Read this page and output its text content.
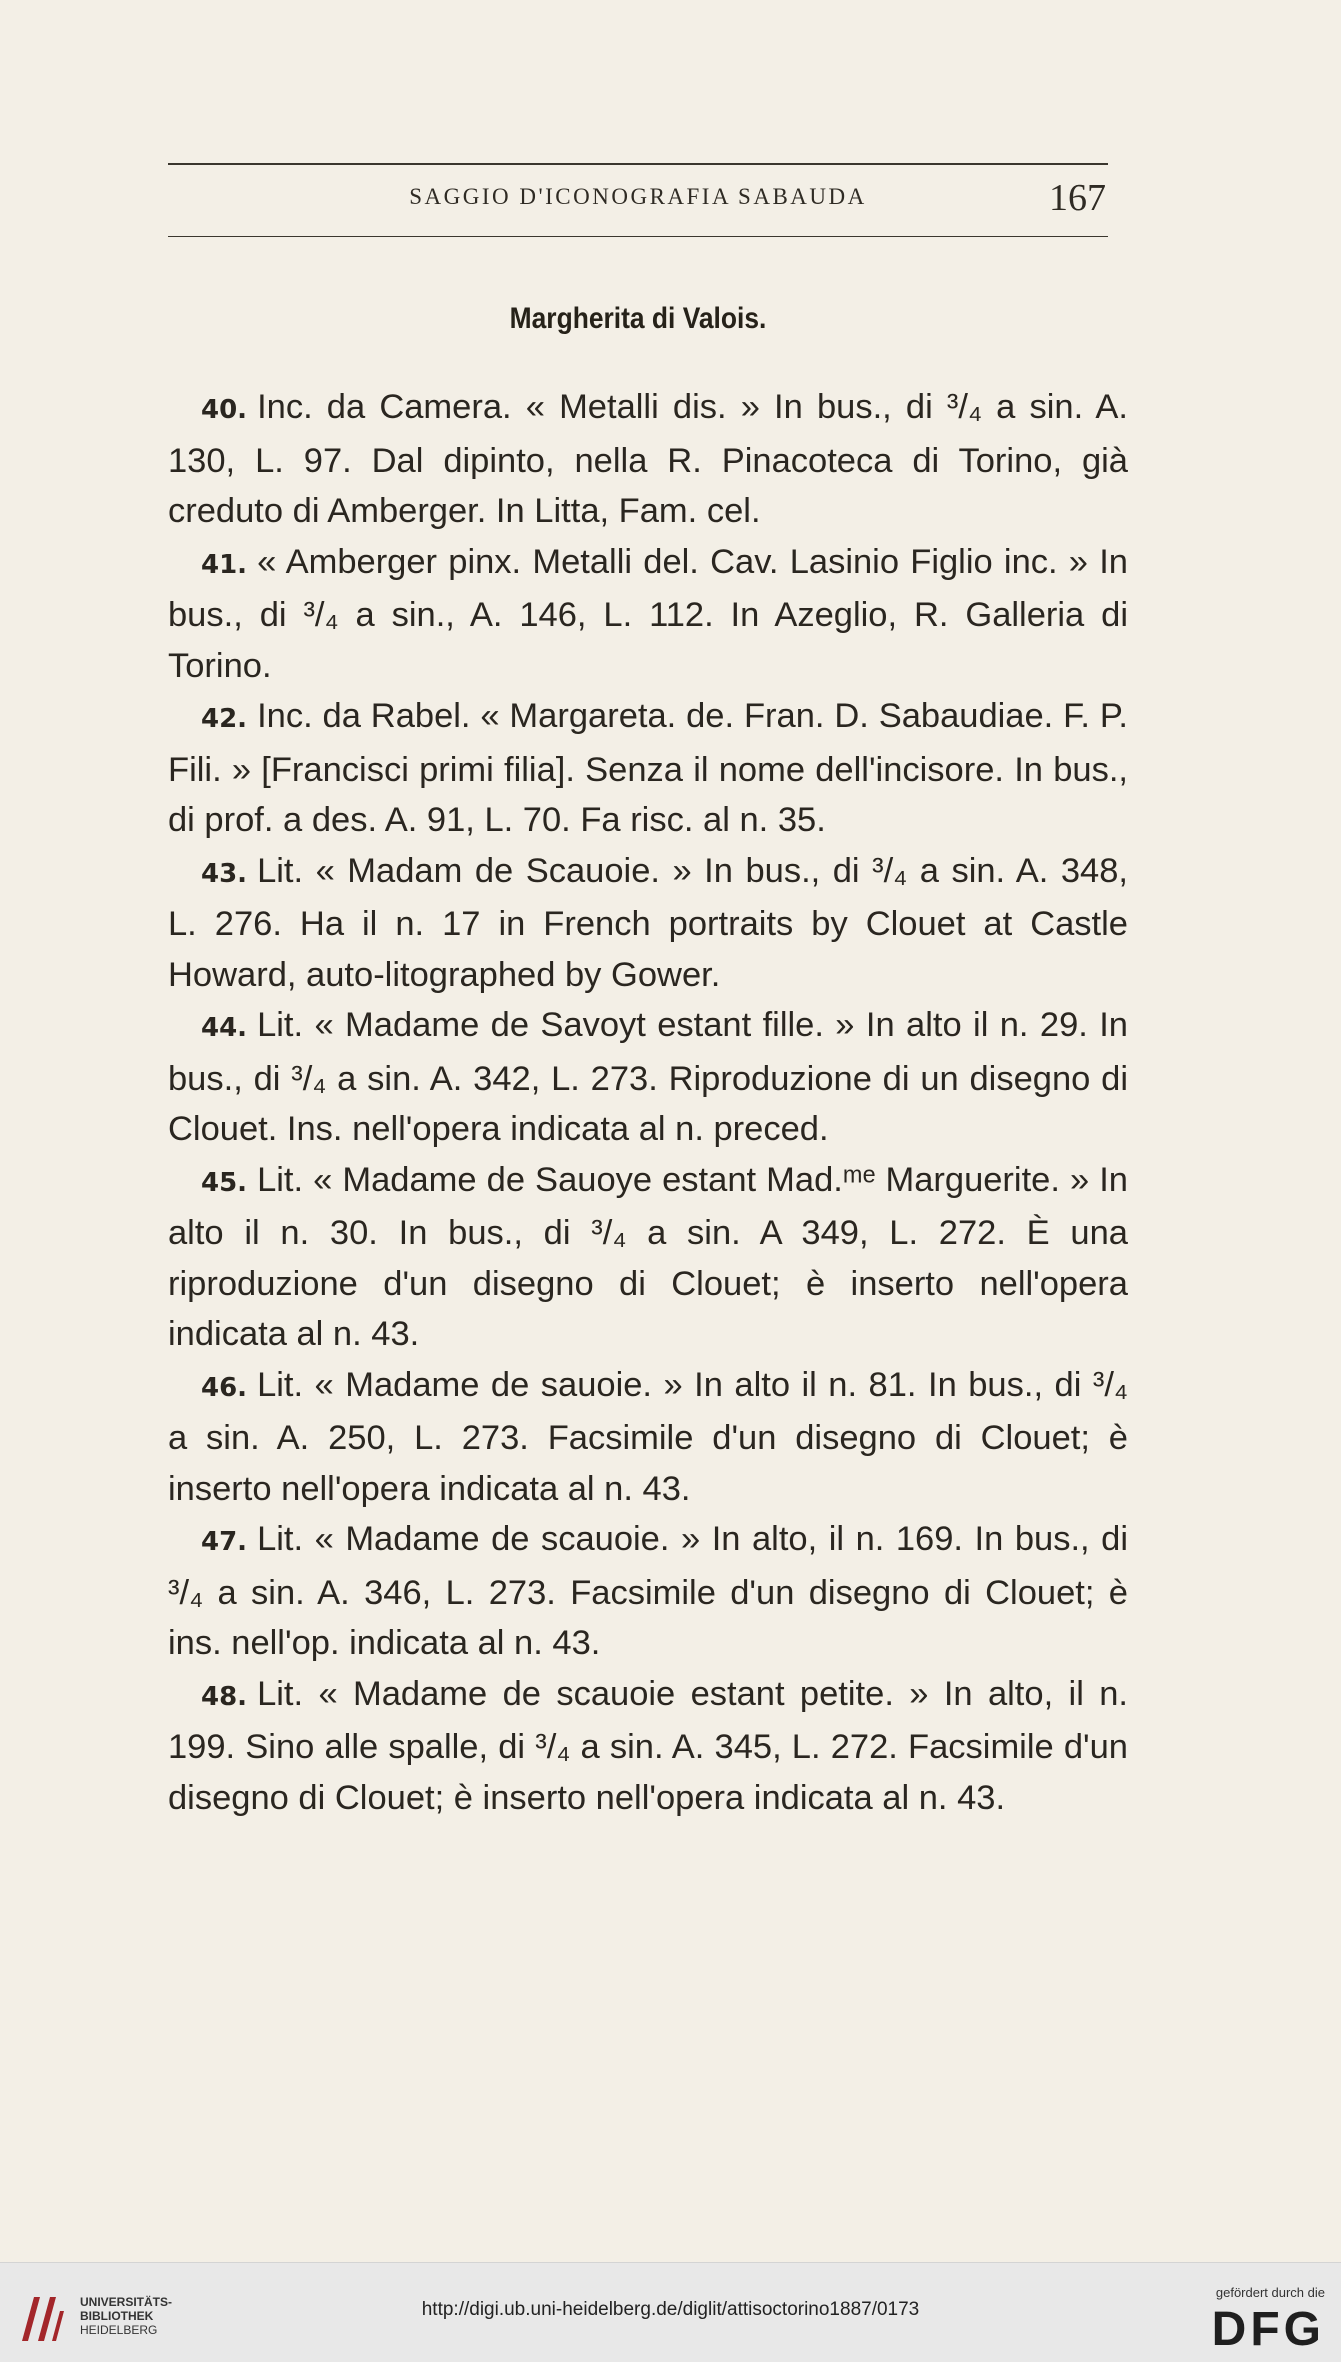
SAGGIO D'ICONOGRAFIA SABAUDA	167
Margherita di Valois.

40. Inc. da Camera. « Metalli dis. » In bus., di ³/₄ a sin. A. 130, L. 97. Dal dipinto, nella R. Pinacoteca di Torino, già creduto di Amberger. In Litta, Fam. cel.

41. « Amberger pinx. Metalli del. Cav. Lasinio Figlio inc. » In bus., di ³/₄ a sin., A. 146, L. 112. In Azeglio, R. Galleria di Torino.

42. Inc. da Rabel. « Margareta. de. Fran. D. Sabaudiae. F. P. Fili. » [Francisci primi filia]. Senza il nome dell'incisore. In bus., di prof. a des. A. 91, L. 70. Fa risc. al n. 35.

43. Lit. « Madam de Scauoie. » In bus., di ³/₄ a sin. A. 348, L. 276. Ha il n. 17 in French portraits by Clouet at Castle Howard, auto-litographed by Gower.

44. Lit. « Madame de Savoyt estant fille. » In alto il n. 29. In bus., di ³/₄ a sin. A. 342, L. 273. Riproduzione di un disegno di Clouet. Ins. nell'opera indicata al n. preced.

45. Lit. « Madame de Sauoye estant Mad.ᵐᵉ Marguerite. » In alto il n. 30. In bus., di ³/₄ a sin. A 349, L. 272. È una riproduzione d'un disegno di Clouet; è inserto nell'opera indicata al n. 43.

46. Lit. « Madame de sauoie. » In alto il n. 81. In bus., di ³/₄ a sin. A. 250, L. 273. Facsimile d'un disegno di Clouet; è inserto nell'opera indicata al n. 43.

47. Lit. « Madame de scauoie. » In alto, il n. 169. In bus., di ³/₄ a sin. A. 346, L. 273. Facsimile d'un disegno di Clouet; è ins. nell'op. indicata al n. 43.

48. Lit. « Madame de scauoie estant petite. » In alto, il n. 199. Sino alle spalle, di ³/₄ a sin. A. 345, L. 272. Facsimile d'un disegno di Clouet; è inserto nell'opera indicata al n. 43.

UNIVERSITÄTS-
BIBLIOTHEK
HEIDELBERG
http://digi.ub.uni-heidelberg.de/diglit/attisoctorino1887/0173
gefördert durch die
DFG
